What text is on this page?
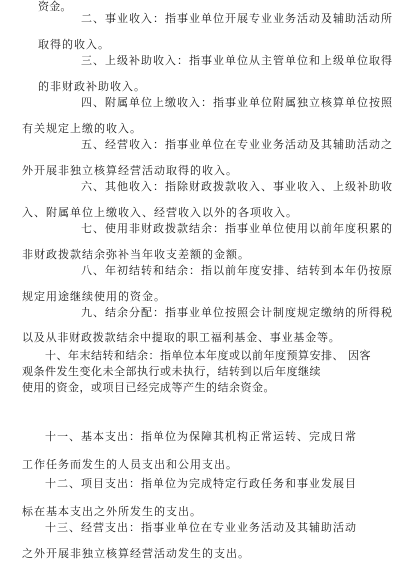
资金。
二、事业收入：指事业单位开展专业业务活动及辅助活动所
取得的收入。
三、上级补助收入：指事业单位从主管单位和上级单位取得
的非财政补助收入。
四、附属单位上缴收入：指事业单位附属独立核算单位按照
有关规定上缴的收入。
五、经营收入：指事业单位在专业业务活动及其辅助活动之
外开展非独立核算经营活动取得的收入。
六、其他收入：指除财政拨款收入、事业收入、上级补助收
入、附属单位上缴收入、经营收入以外的各项收入。
七、使用非财政拨款结余：指事业单位使用以前年度积累的
非财政拨款结余弥补当年收支差额的金额。
八、年初结转和结余：指以前年度安排、结转到本年仍按原
规定用途继续使用的资金。
九、结余分配：指事业单位按照会计制度规定缴纳的所得税
以及从非财政拨款结余中提取的职工福利基金、事业基金等。
十、年末结转和结余：指单位本年度或以前年度预算安排、 因客
观条件发生变化未全部执行或未执行，结转到以后年度继续
使用的资金，或项目已经完成等产生的结余资金。
十一、基本支出：指单位为保障其机构正常运转、完成日常
工作任务而发生的人员支出和公用支出。
十二、项目支出：指单位为完成特定行政任务和事业发展目
标在基本支出之外所发生的支出。
十三、经营支出：指事业单位在专业业务活动及其辅助活动
之外开展非独立核算经营活动发生的支出。
